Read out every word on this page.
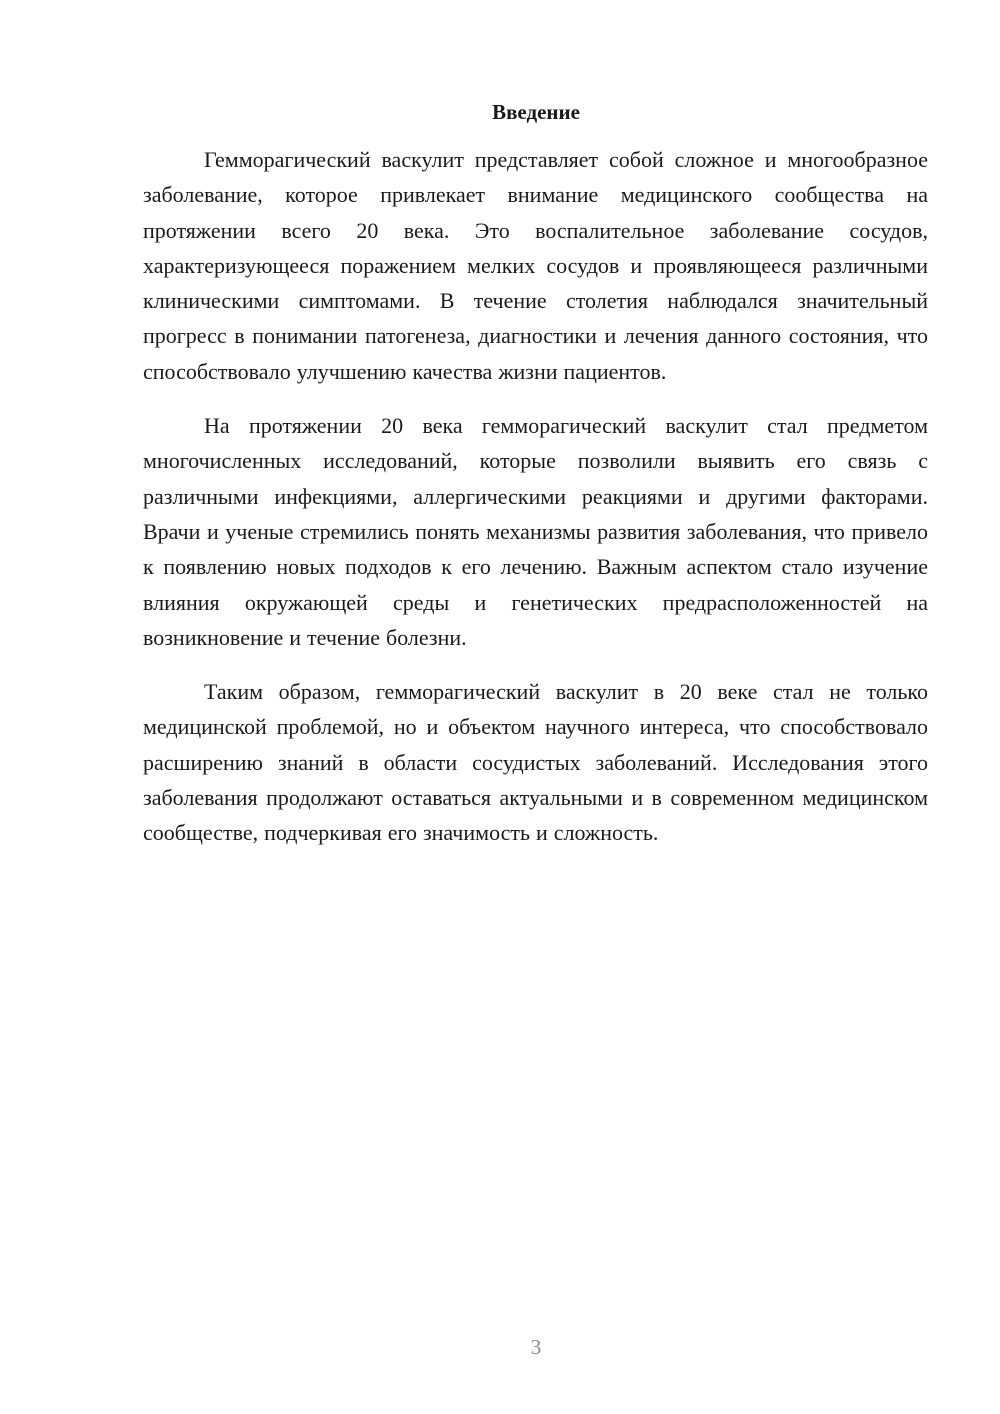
Введение

Гемморагический васкулит представляет собой сложное и многообразное заболевание, которое привлекает внимание медицинского сообщества на протяжении всего 20 века. Это воспалительное заболевание сосудов, характеризующееся поражением мелких сосудов и проявляющееся различными клиническими симптомами. В течение столетия наблюдался значительный прогресс в понимании патогенеза, диагностики и лечения данного состояния, что способствовало улучшению качества жизни пациентов.

На протяжении 20 века гемморагический васкулит стал предметом многочисленных исследований, которые позволили выявить его связь с различными инфекциями, аллергическими реакциями и другими факторами. Врачи и ученые стремились понять механизмы развития заболевания, что привело к появлению новых подходов к его лечению. Важным аспектом стало изучение влияния окружающей среды и генетических предрасположенностей на возникновение и течение болезни.

Таким образом, гемморагический васкулит в 20 веке стал не только медицинской проблемой, но и объектом научного интереса, что способствовало расширению знаний в области сосудистых заболеваний. Исследования этого заболевания продолжают оставаться актуальными и в современном медицинском сообществе, подчеркивая его значимость и сложность.

3
